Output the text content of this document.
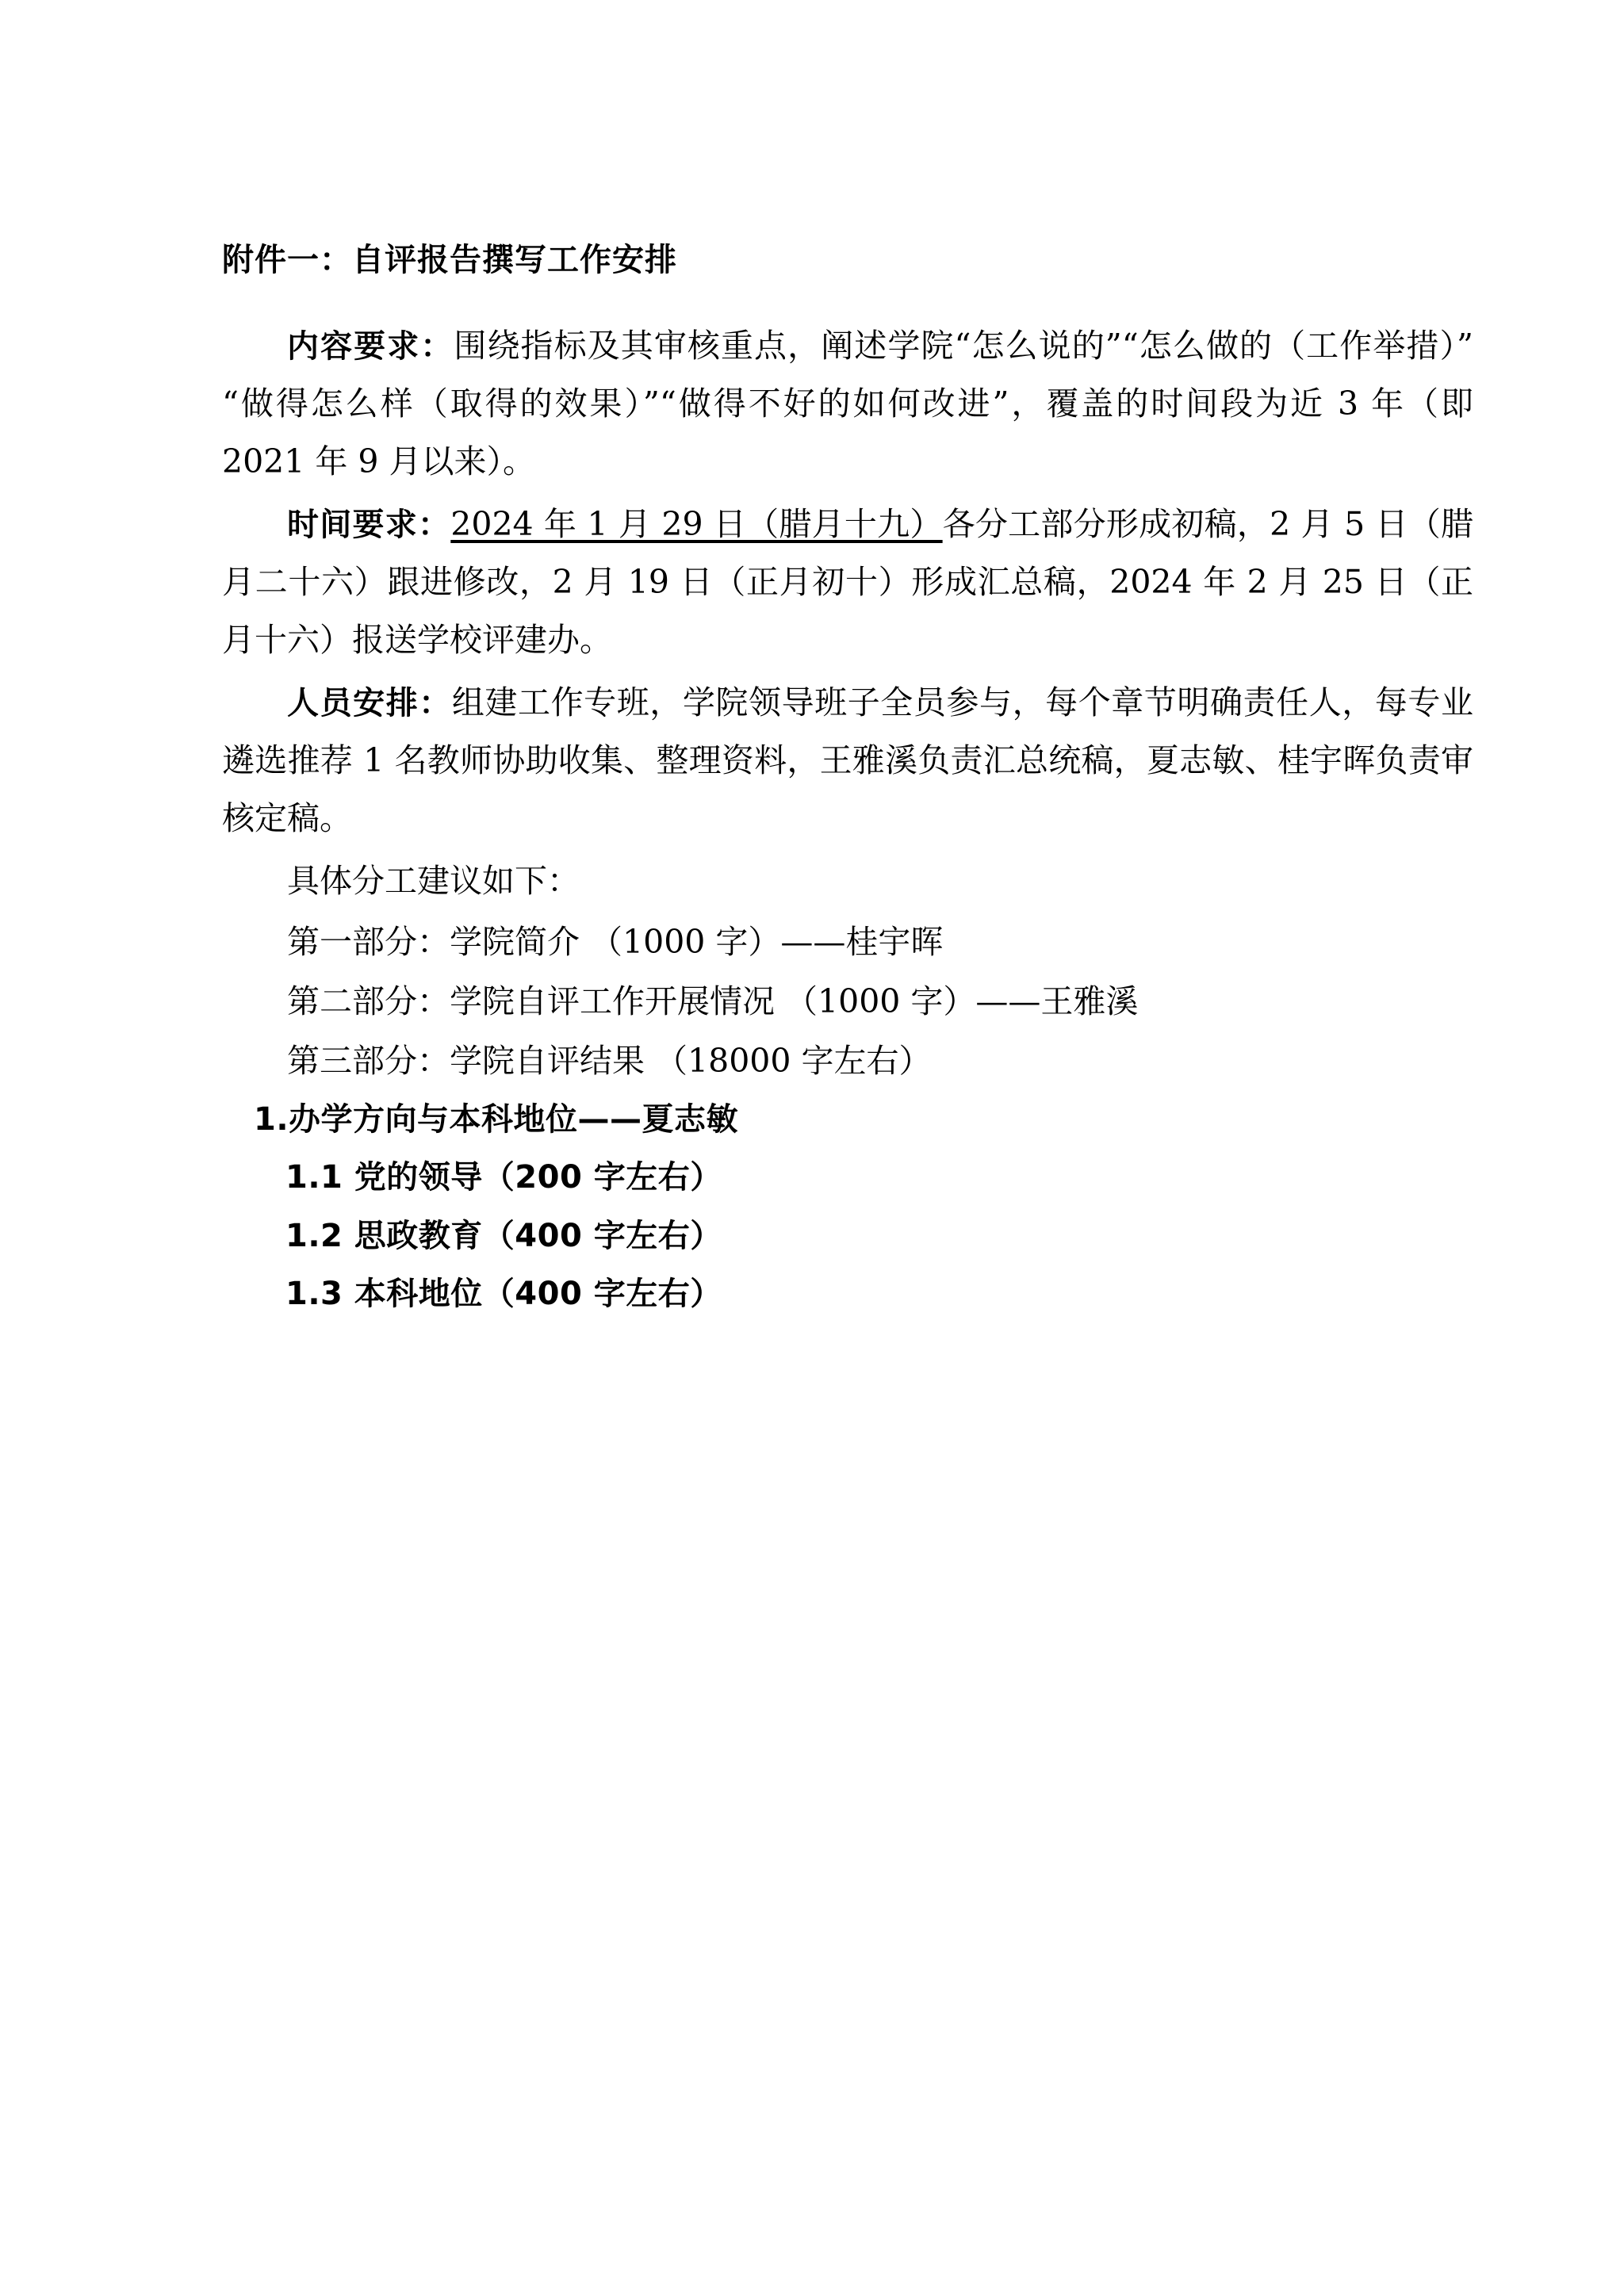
附件一：自评报告撰写工作安排

内容要求：围绕指标及其审核重点，阐述学院“怎么说的”“怎么做的（工作举措）”“做得怎么样（取得的效果）”“做得不好的如何改进”，覆盖的时间段为近 3 年（即 2021 年 9 月以来）。

时间要求：2024 年 1 月 29 日（腊月十九）各分工部分形成初稿，2 月 5 日（腊月二十六）跟进修改，2 月 19 日（正月初十）形成汇总稿，2024 年 2 月 25 日（正月十六）报送学校评建办。

人员安排：组建工作专班，学院领导班子全员参与，每个章节明确责任人，每专业遴选推荐 1 名教师协助收集、整理资料，王雅溪负责汇总统稿，夏志敏、桂宇晖负责审核定稿。

具体分工建议如下：

第一部分：学院简介 （1000 字）——桂宇晖

第二部分：学院自评工作开展情况 （1000 字）——王雅溪

第三部分：学院自评结果 （18000 字左右）

1.办学方向与本科地位——夏志敏

1.1 党的领导（200 字左右）

1.2 思政教育（400 字左右）

1.3 本科地位（400 字左右）
